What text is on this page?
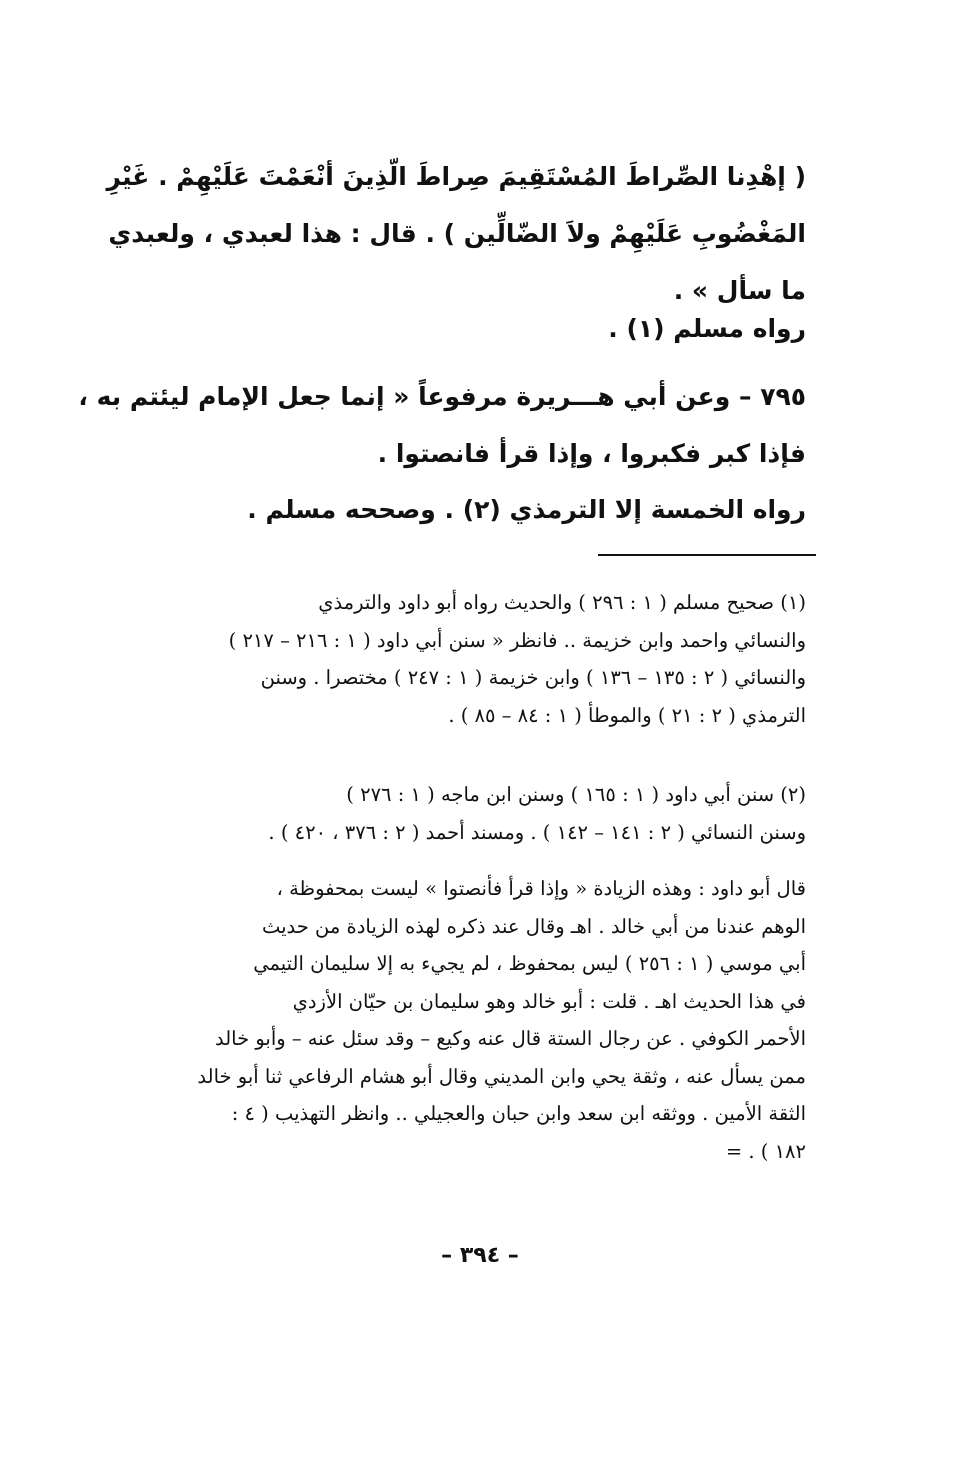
( إهْدِنا الصِّراطَ المُسْتَقِيمَ صِراطَ الّذِينَ أنْعَمْتَ عَلَيْهِمْ . غَيْرِ
المَغْضُوبِ عَلَيْهِمْ ولاَ الضّالِّين ) . قال : هذا لعبدي ، ولعبدي
ما سأل » .
رواه مسلم (١) .
٧٩٥ – وعن أبي هـــريرة مرفوعاً « إنما جعل الإمام ليئتم به ،
فإذا كبر فكبروا ، وإذا قرأ فانصتوا .
رواه الخمسة إلا الترمذي (٢) . وصححه مسلم .
(١) صحيح مسلم ( ١ : ٢٩٦ ) والحديث رواه أبو داود والترمذي
والنسائي واحمد وابن خزيمة .. فانظر « سنن أبي داود ( ١ : ٢١٦ – ٢١٧ )
والنسائي ( ٢ : ١٣٥ – ١٣٦ ) وابن خزيمة ( ١ : ٢٤٧ ) مختصرا . وسنن
الترمذي ( ٢ : ٢١ ) والموطأ ( ١ : ٨٤ – ٨٥ ) .
(٢) سنن أبي داود ( ١ : ١٦٥ ) وسنن ابن ماجه ( ١ : ٢٧٦ )
وسنن النسائي ( ٢ : ١٤١ – ١٤٢ ) . ومسند أحمد ( ٢ : ٣٧٦ ، ٤٢٠ ) .
قال أبو داود : وهذه الزيادة « وإذا قرأ فأنصتوا » ليست بمحفوظة ،
الوهم عندنا من أبي خالد . اهـ وقال عند ذكره لهذه الزيادة من حديث
أبي موسي ( ١ : ٢٥٦ ) ليس بمحفوظ ، لم يجيء به إلا سليمان التيمي
في هذا الحديث اهـ . قلت : أبو خالد وهو سليمان بن حيّان الأزدي
الأحمر الكوفي . عن رجال الستة قال عنه وكيع – وقد سئل عنه – وأبو خالد
ممن يسأل عنه ، وثقة يحي وابن المديني وقال أبو هشام الرفاعي ثنا أبو خالد
الثقة الأمين . ووثقه ابن سعد وابن حبان والعجيلي .. وانظر التهذيب ( ٤ :
١٨٢ ) . =
– ٣٩٤ –
